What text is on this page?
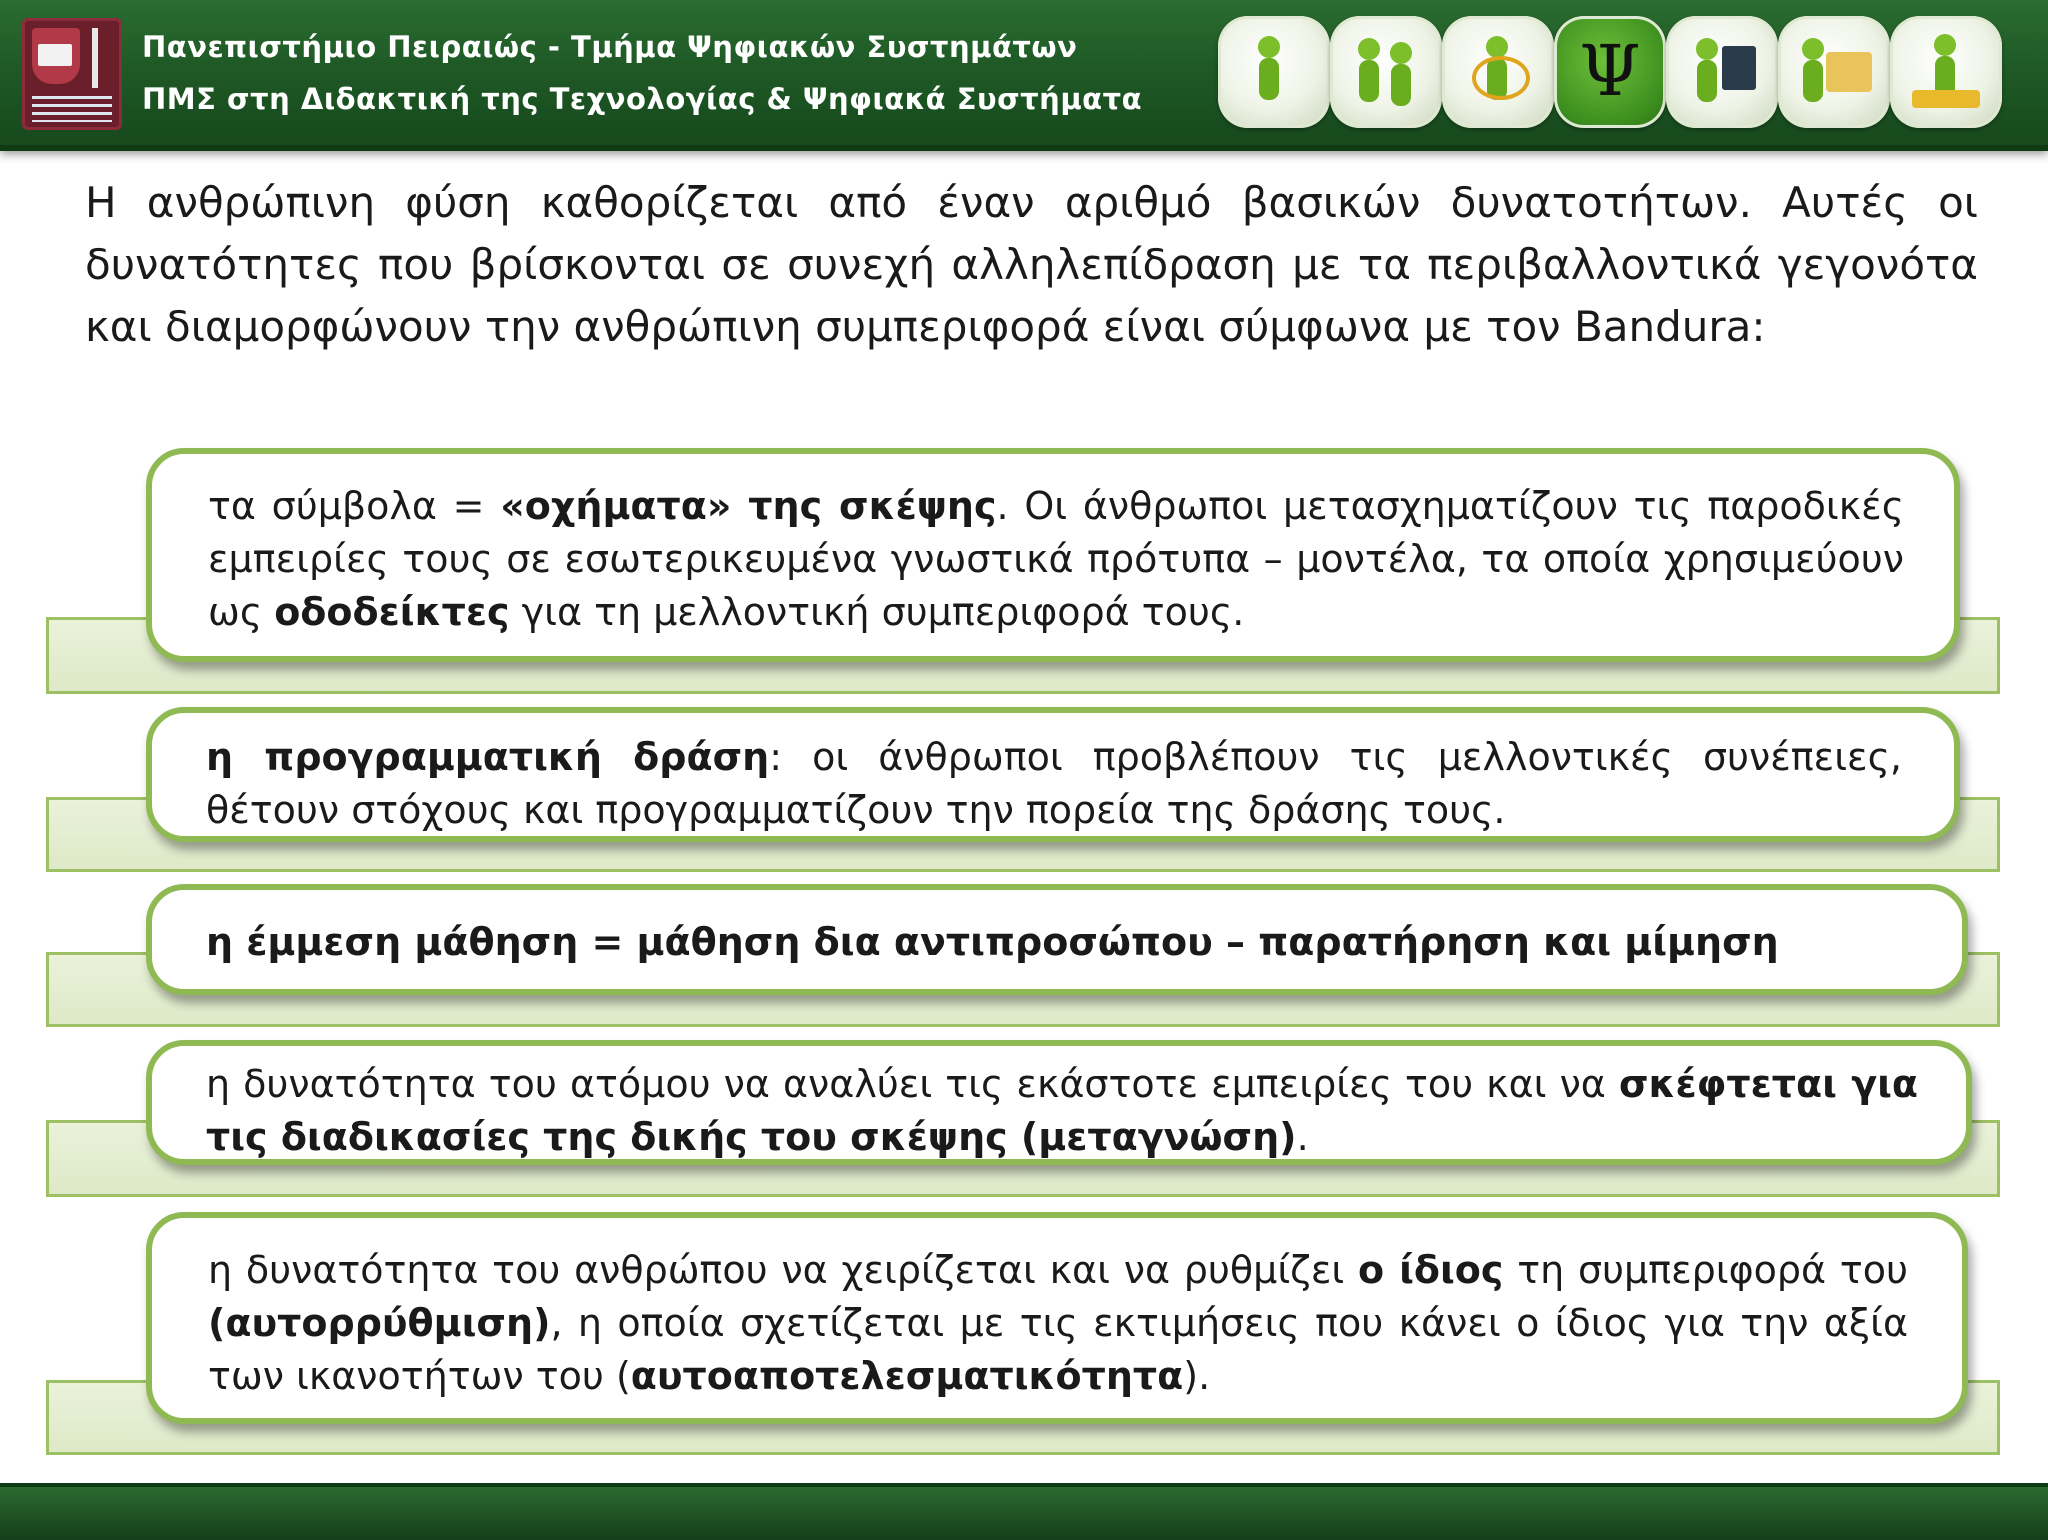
Πανεπιστήμιο Πειραιώς - Τμήμα Ψηφιακών Συστημάτων
ΠΜΣ στη Διδακτική της Τεχνολογίας & Ψηφιακά Συστήματα	Ψ

Η ανθρώπινη φύση καθορίζεται από έναν αριθμό βασικών δυνατοτήτων. Αυτές οι δυνατότητες που βρίσκονται σε συνεχή αλληλεπίδραση με τα περιβαλλοντικά γεγονότα και διαμορφώνουν την ανθρώπινη συμπεριφορά είναι σύμφωνα με τον Bandura:

τα σύμβολα = «οχήματα» της σκέψης. Οι άνθρωποι μετασχηματίζουν τις παροδικές εμπειρίες τους σε εσωτερικευμένα γνωστικά πρότυπα – μοντέλα, τα οποία χρησιμεύουν ως οδοδείκτες για τη μελλοντική συμπεριφορά τους.

η προγραμματική δράση: οι άνθρωποι προβλέπουν τις μελλοντικές συνέπειες, θέτουν στόχους και προγραμματίζουν την πορεία της δράσης τους.

η έμμεση μάθηση = μάθηση δια αντιπροσώπου – παρατήρηση και μίμηση

η δυνατότητα του ατόμου να αναλύει τις εκάστοτε εμπειρίες του και να σκέφτεται για τις διαδικασίες της δικής του σκέψης (μεταγνώση).

η δυνατότητα του ανθρώπου να χειρίζεται και να ρυθμίζει ο ίδιος τη συμπεριφορά του (αυτορρύθμιση), η οποία σχετίζεται με τις εκτιμήσεις που κάνει ο ίδιος για την αξία των ικανοτήτων του (αυτοαποτελεσματικότητα).
